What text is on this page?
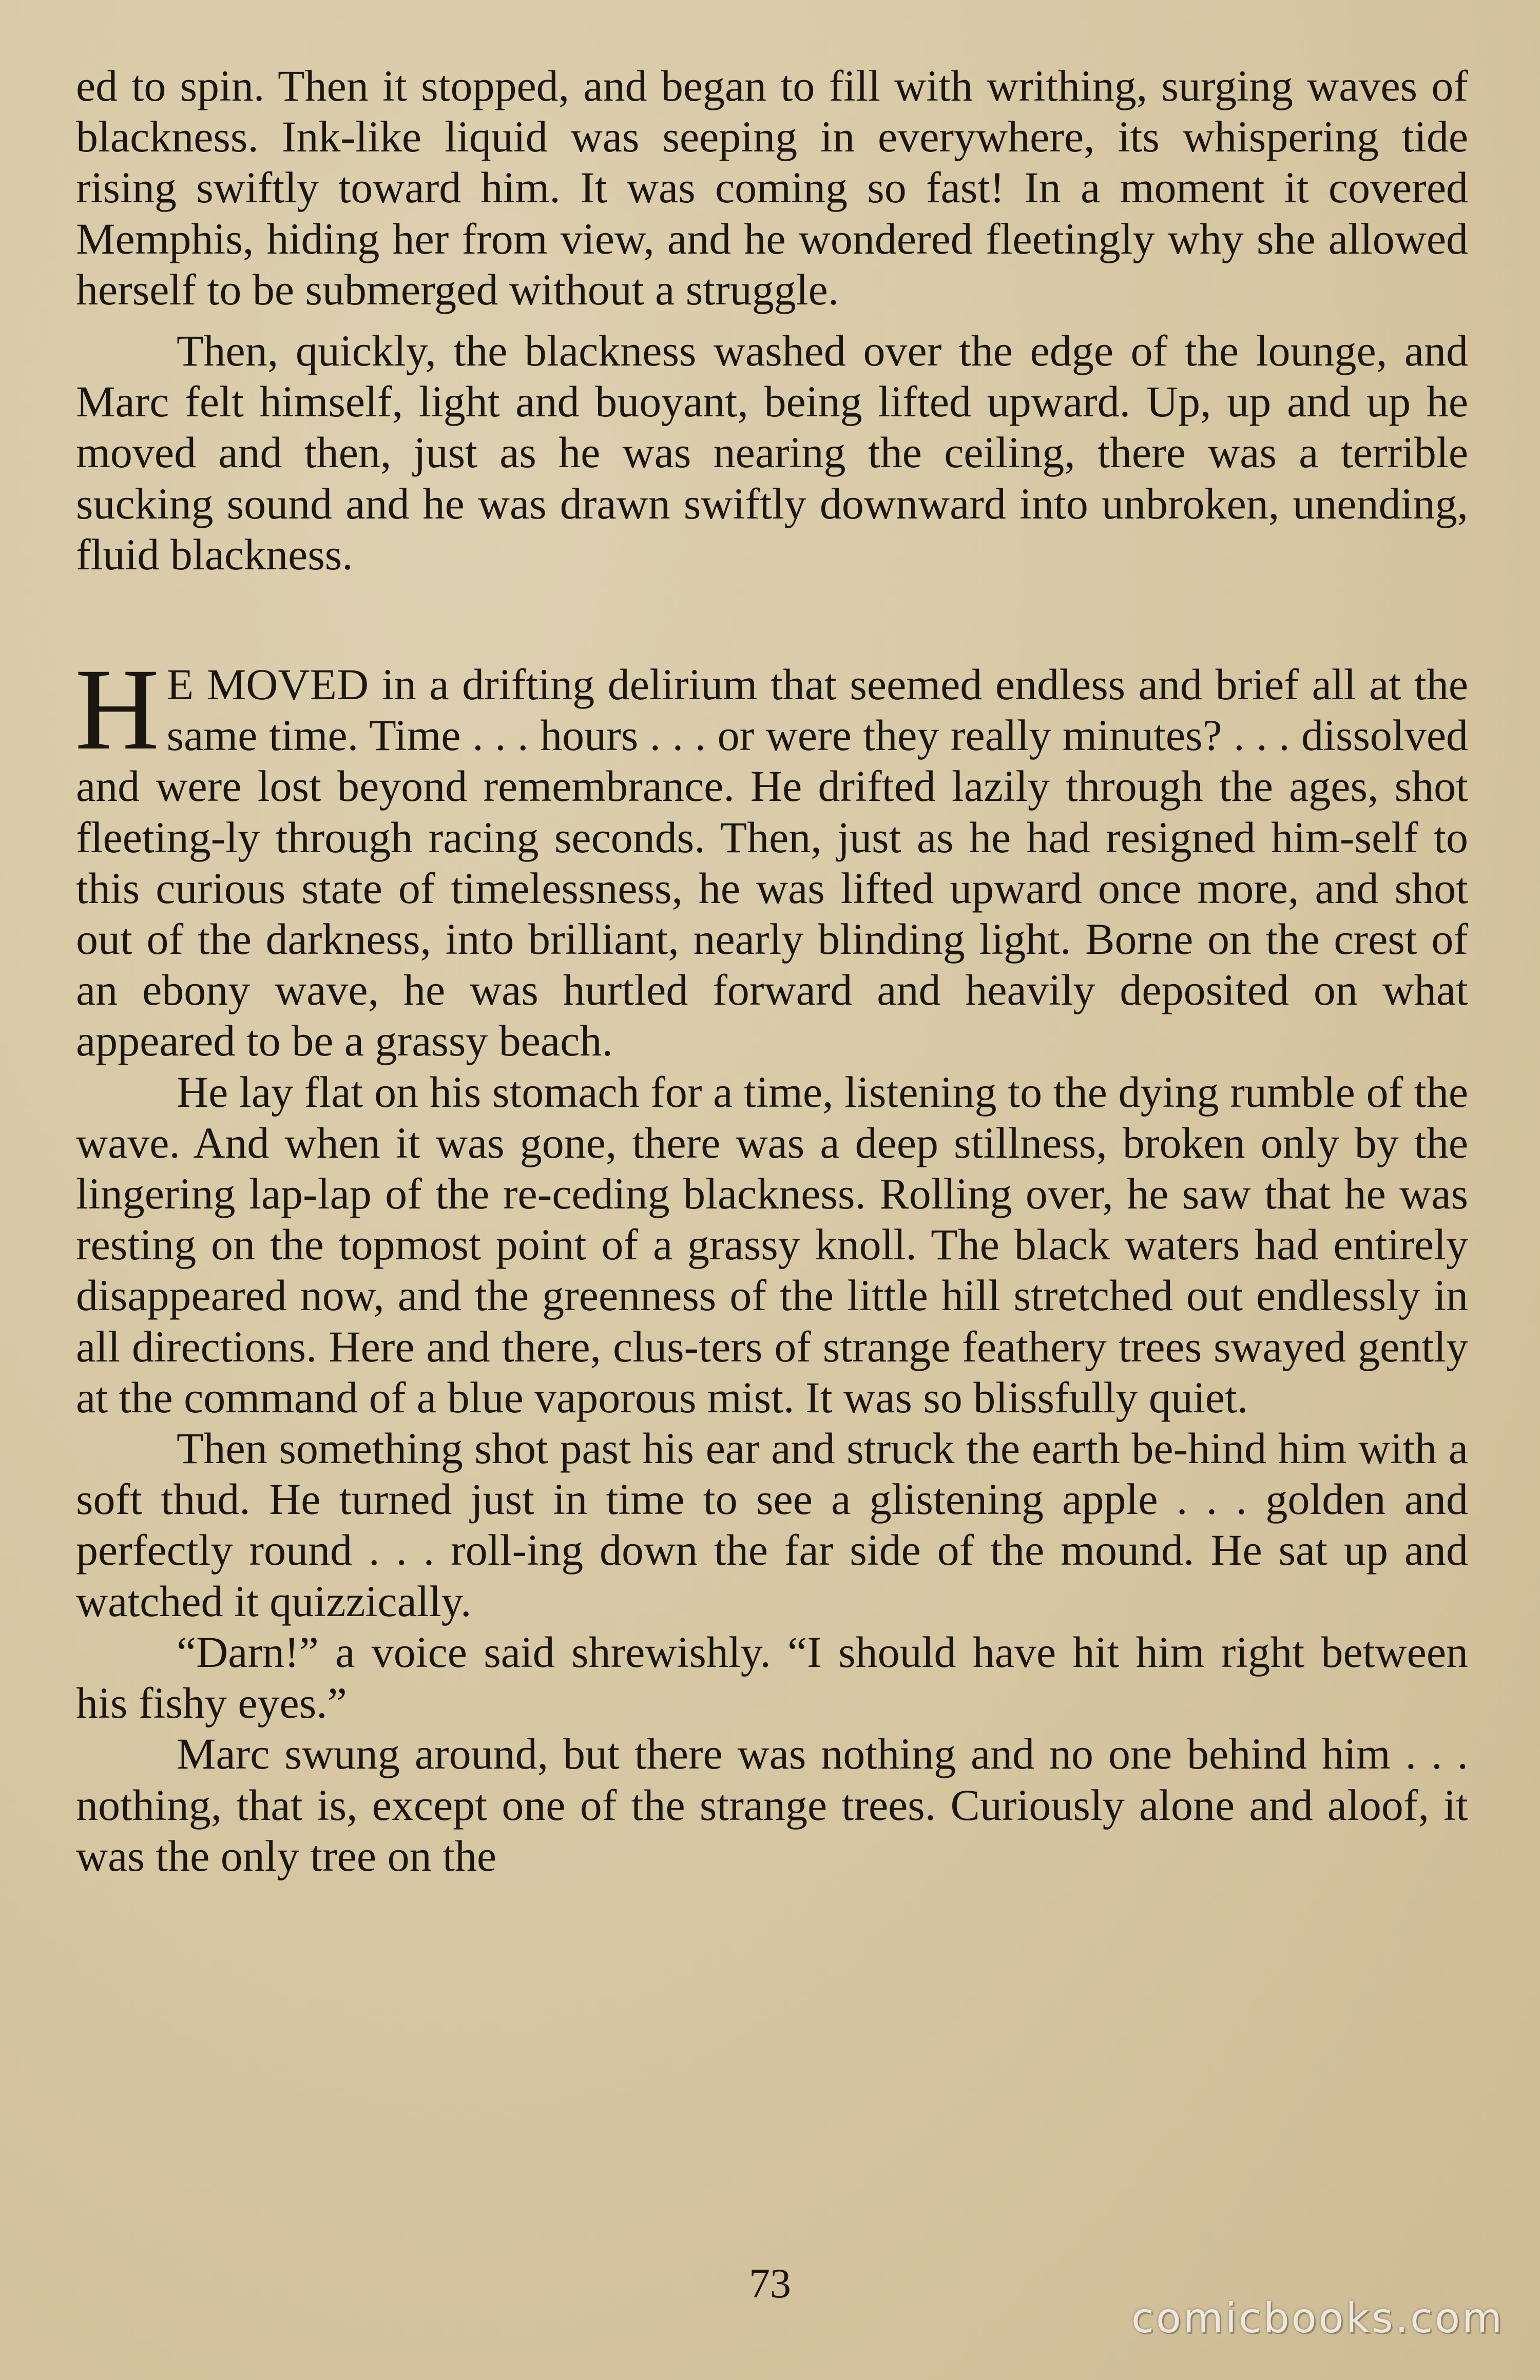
ed to spin. Then it stopped, and began to fill with writhing, surging waves of blackness. Ink-like liquid was seeping in everywhere, its whispering tide rising swiftly toward him. It was coming so fast! In a moment it covered Memphis, hiding her from view, and he wondered fleetingly why she allowed herself to be submerged without a struggle.

Then, quickly, the blackness washed over the edge of the lounge, and Marc felt himself, light and buoyant, being lifted upward. Up, up and up he moved and then, just as he was nearing the ceiling, there was a terrible sucking sound and he was drawn swiftly downward into unbroken, unending, fluid blackness.

H E MOVED in a drifting delirium that seemed endless and brief all at the same time. Time . . . hours . . . or were they really minutes? . . . dissolved and were lost beyond remembrance. He drifted lazily through the ages, shot fleeting-ly through racing seconds. Then, just as he had resigned him-self to this curious state of timelessness, he was lifted upward once more, and shot out of the darkness, into brilliant, nearly blinding light. Borne on the crest of an ebony wave, he was hurtled forward and heavily deposited on what appeared to be a grassy beach.

He lay flat on his stomach for a time, listening to the dying rumble of the wave. And when it was gone, there was a deep stillness, broken only by the lingering lap-lap of the re-ceding blackness. Rolling over, he saw that he was resting on the topmost point of a grassy knoll. The black waters had entirely disappeared now, and the greenness of the little hill stretched out endlessly in all directions. Here and there, clus-ters of strange feathery trees swayed gently at the command of a blue vaporous mist. It was so blissfully quiet.

Then something shot past his ear and struck the earth be-hind him with a soft thud. He turned just in time to see a glistening apple . . . golden and perfectly round . . . roll-ing down the far side of the mound. He sat up and watched it quizzically.

“Darn!” a voice said shrewishly. “I should have hit him right between his fishy eyes.”

Marc swung around, but there was nothing and no one behind him . . . nothing, that is, except one of the strange trees. Curiously alone and aloof, it was the only tree on the

73
comicbooks.com
